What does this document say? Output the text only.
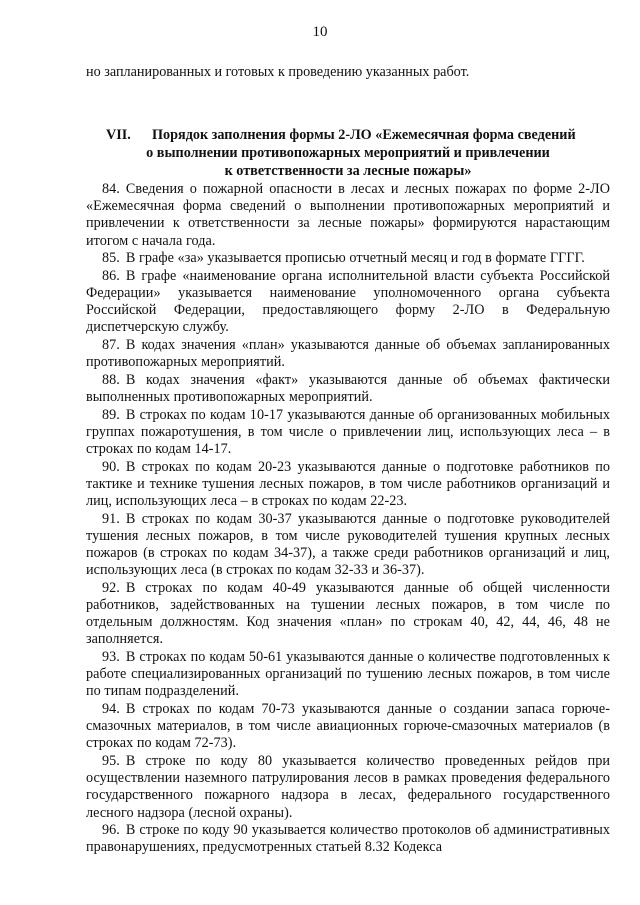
10
но запланированных и готовых к проведению указанных работ.
VII. Порядок заполнения формы 2-ЛО «Ежемесячная форма сведений
о выполнении противопожарных мероприятий и привлечении
к ответственности за лесные пожары»

84. Сведения о пожарной опасности в лесах и лесных пожарах по форме 2-ЛО «Ежемесячная форма сведений о выполнении противопожарных мероприятий и привлечении к ответственности за лесные пожары» формируются нарастающим итогом с начала года.

85. В графе «за» указывается прописью отчетный месяц и год в формате ГГГГ.

86. В графе «наименование органа исполнительной власти субъекта Российской Федерации» указывается наименование уполномоченного органа субъекта Российской Федерации, предоставляющего форму 2-ЛО в Федеральную диспетчерскую службу.

87. В кодах значения «план» указываются данные об объемах запланированных противопожарных мероприятий.

88. В кодах значения «факт» указываются данные об объемах фактически выполненных противопожарных мероприятий.

89. В строках по кодам 10-17 указываются данные об организованных мобильных группах пожаротушения, в том числе о привлечении лиц, использующих леса – в строках по кодам 14-17.

90. В строках по кодам 20-23 указываются данные о подготовке работников по тактике и технике тушения лесных пожаров, в том числе работников организаций и лиц, использующих леса – в строках по кодам 22-23.

91. В строках по кодам 30-37 указываются данные о подготовке руководителей тушения лесных пожаров, в том числе руководителей тушения крупных лесных пожаров (в строках по кодам 34-37), а также среди работников организаций и лиц, использующих леса (в строках по кодам 32-33 и 36-37).

92. В строках по кодам 40-49 указываются данные об общей численности работников, задействованных на тушении лесных пожаров, в том числе по отдельным должностям. Код значения «план» по строкам 40, 42, 44, 46, 48 не заполняется.

93. В строках по кодам 50-61 указываются данные о количестве подготовленных к работе специализированных организаций по тушению лесных пожаров, в том числе по типам подразделений.

94. В строках по кодам 70-73 указываются данные о создании запаса горюче-смазочных материалов, в том числе авиационных горюче-смазочных материалов (в строках по кодам 72-73).

95. В строке по коду 80 указывается количество проведенных рейдов при осуществлении наземного патрулирования лесов в рамках проведения федерального государственного пожарного надзора в лесах, федерального государственного лесного надзора (лесной охраны).

96. В строке по коду 90 указывается количество протоколов об административных правонарушениях, предусмотренных статьей 8.32 Кодекса
